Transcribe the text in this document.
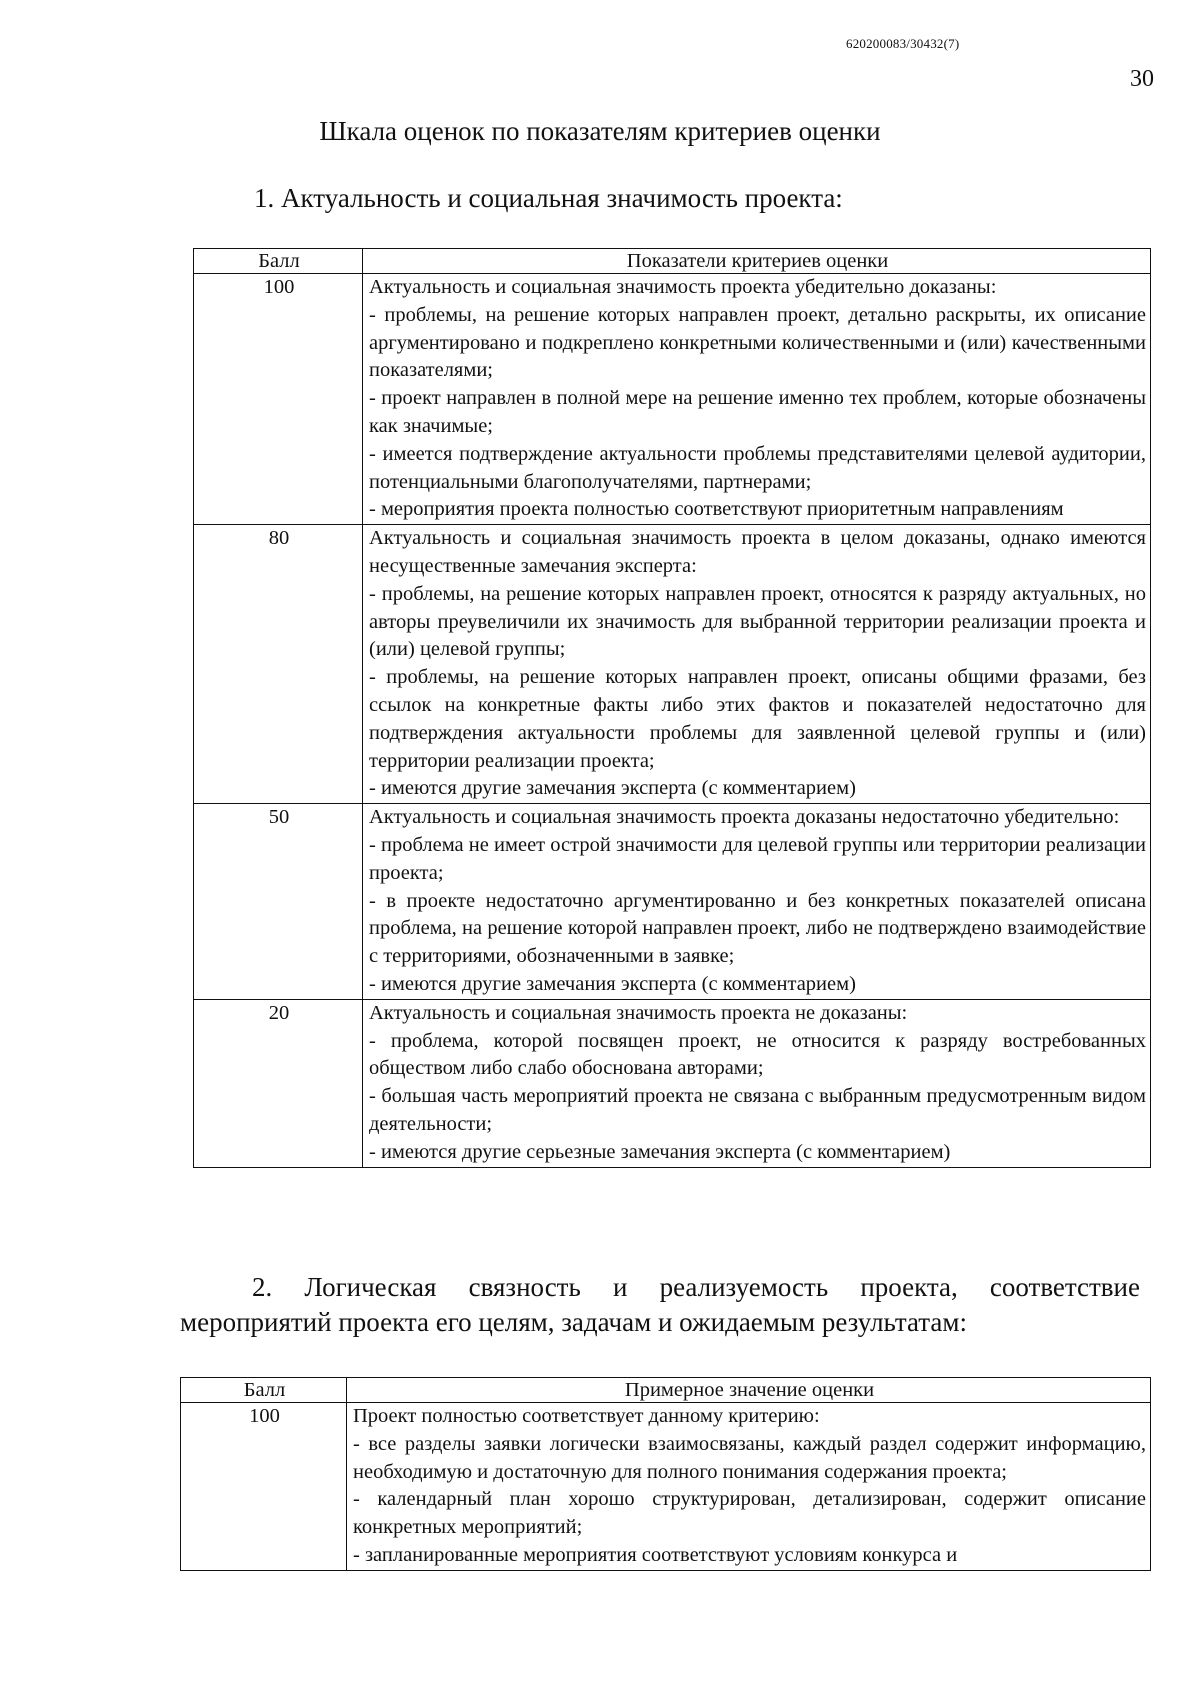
620200083/30432(7)
30
Шкала оценок по показателям критериев оценки
1. Актуальность и социальная значимость проекта:
Балл	Показатели критериев оценки
100	Актуальность и социальная значимость проекта убедительно доказаны:
- проблемы, на решение которых направлен проект, детально раскрыты, их описание аргументировано и подкреплено конкретными количественными и (или) качественными показателями;
- проект направлен в полной мере на решение именно тех проблем, которые обозначены как значимые;
- имеется подтверждение актуальности проблемы представителями целевой аудитории, потенциальными благополучателями, партнерами;
- мероприятия проекта полностью соответствуют приоритетным направлениям

80	Актуальность и социальная значимость проекта в целом доказаны, однако имеются несущественные замечания эксперта:
- проблемы, на решение которых направлен проект, относятся к разряду актуальных, но авторы преувеличили их значимость для выбранной территории реализации проекта и (или) целевой группы;
- проблемы, на решение которых направлен проект, описаны общими фразами, без ссылок на конкретные факты либо этих фактов и показателей недостаточно для подтверждения актуальности проблемы для заявленной целевой группы и (или) территории реализации проекта;
- имеются другие замечания эксперта (с комментарием)

50	Актуальность и социальная значимость проекта доказаны недостаточно убедительно:
- проблема не имеет острой значимости для целевой группы или территории реализации проекта;
- в проекте недостаточно аргументированно и без конкретных показателей описана проблема, на решение которой направлен проект, либо не подтверждено взаимодействие с территориями, обозначенными в заявке;
- имеются другие замечания эксперта (с комментарием)

20	Актуальность и социальная значимость проекта не доказаны:
- проблема, которой посвящен проект, не относится к разряду востребованных обществом либо слабо обоснована авторами;
- большая часть мероприятий проекта не связана с выбранным предусмотренным видом деятельности;
- имеются другие серьезные замечания эксперта (с комментарием)
2. Логическая связность и реализуемость проекта, соответствие мероприятий проекта его целям, задачам и ожидаемым результатам:
Балл	Примерное значение оценки
100	Проект полностью соответствует данному критерию:
- все разделы заявки логически взаимосвязаны, каждый раздел содержит информацию, необходимую и достаточную для полного понимания содержания проекта;
- календарный план хорошо структурирован, детализирован, содержит описание конкретных мероприятий;
- запланированные мероприятия соответствуют условиям конкурса и
